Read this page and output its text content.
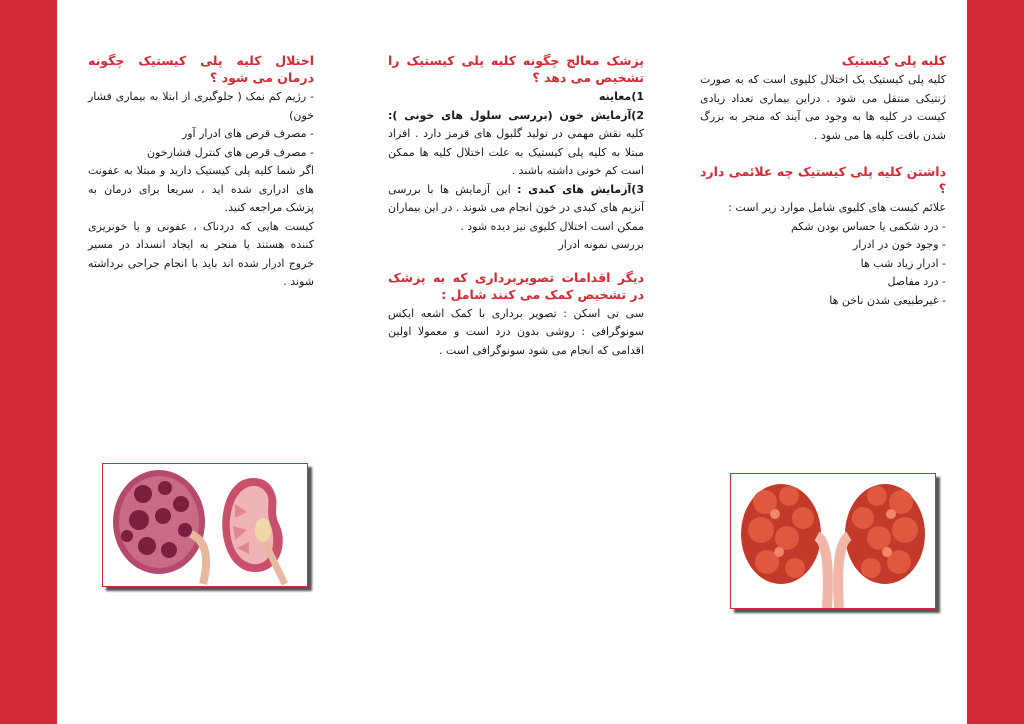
کلیه پلی کیستیک

کلیه پلی کیستیک یک اختلال کلیوی است که به صورت ژنتیکی منتقل می شود . دراین بیماری تعداد زیادی کیست در کلیه ها به وجود می آیند که منجر به بزرگ شدن بافت کلیه ها می شود .

داشتن کلیه پلی کیستیک چه علائمی دارد ؟

علائم کیست های کلیوی شامل موارد زیر است :

- درد شکمی یا حساس بودن شکم

- وجود خون در ادرار

- ادرار زیاد شب ها

- درد مفاصل

- غیرطبیعی شدن ناخن ها

پزشک معالج چگونه کلیه پلی کیستیک را تشخیص می دهد ؟

1)معاینه

2)آزمایش خون (بررسی سلول های خونی ): کلیه نقش مهمی در تولید گلبول های قرمز دارد . افراد مبتلا به کلیه پلی کیستیک به علت اختلال کلیه ها ممکن است کم خونی داشته باشند .

3)آزمایش های کبدی : این آزمایش ها با بررسی آنزیم های کبدی در خون انجام می شوند . در این بیماران ممکن است اختلال کلیوی نیز دیده شود .

بررسی نمونه ادرار

دیگر اقدامات تصویربرداری که به پزشک در تشخیص کمک می کنند شامل :

سی تی اسکن : تصویر برداری با کمک اشعه ایکس سونوگرافی : روشی بدون درد است و معمولا اولین اقدامی که انجام می شود سونوگرافی است .

اختلال کلیه پلی کیستیک چگونه درمان می شود ؟

- رژیم کم نمک ( جلوگیری از ابتلا به بیماری فشار خون)

- مصرف قرص های ادرار آور

- مصرف قرص های کنترل فشارخون

اگر شما کلیه پلی کیستیک دارید و مبتلا به عفونت های ادراری شده اید ، سریعا برای درمان به پزشک مراجعه کنید.

کیست هایی که دردناک ، عفونی و یا خونریزی کننده هستند یا منجر به ایجاد انسداد در مسیر خروج ادرار شده اند باید با انجام جراحی برداشته شوند .
